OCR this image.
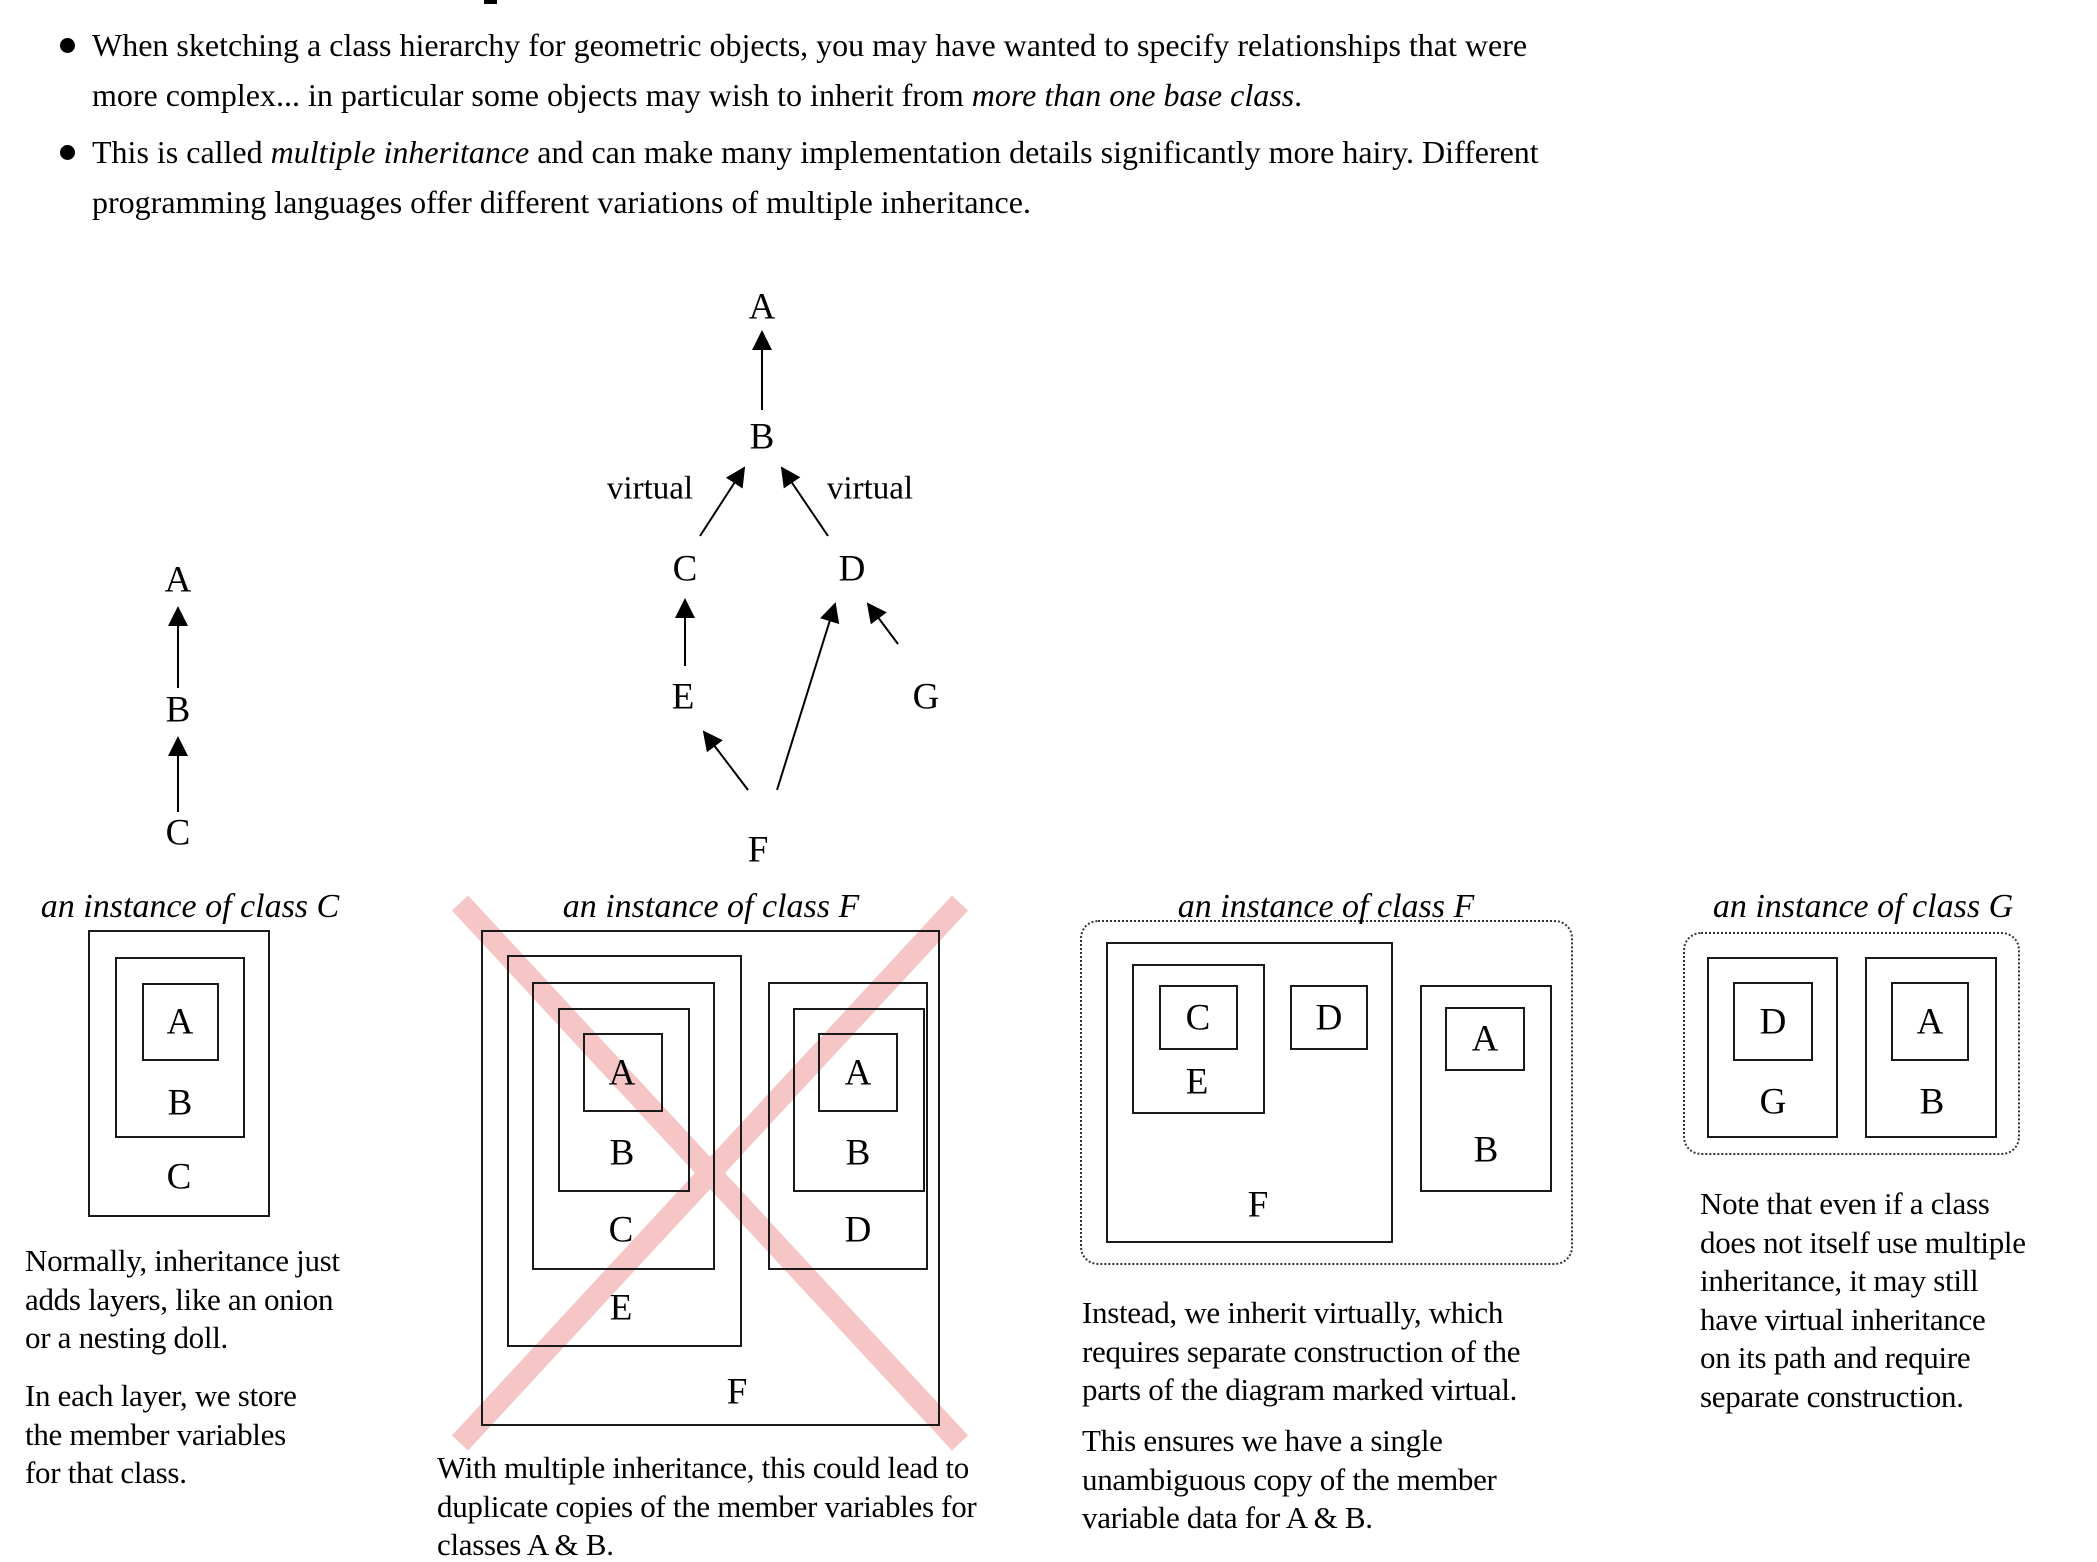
When sketching a class hierarchy for geometric objects, you may have wanted to specify relationships that were
more complex... in particular some objects may wish to inherit from more than one base class.
This is called multiple inheritance and can make many implementation details significantly more hairy. Different
programming languages offer different variations of multiple inheritance.
A
B
C
A
B
virtual	virtual
C	D
E	G
F
an instance of class C
A
B
C
an instance of class F
A
B
C
E
F
A
B
D
an instance of class F
C	D
E
F
A
B
an instance of class G
D
G
A
B
Normally, inheritance just
adds layers, like an onion
or a nesting doll.
In each layer, we store
the member variables
for that class.	With multiple inheritance, this could lead to
duplicate copies of the member variables for
classes A & B.
Instead, we inherit virtually, which
requires separate construction of the
parts of the diagram marked virtual.
This ensures we have a single
unambiguous copy of the member
variable data for A & B.
Note that even if a class
does not itself use multiple
inheritance, it may still
have virtual inheritance
on its path and require
separate construction.
